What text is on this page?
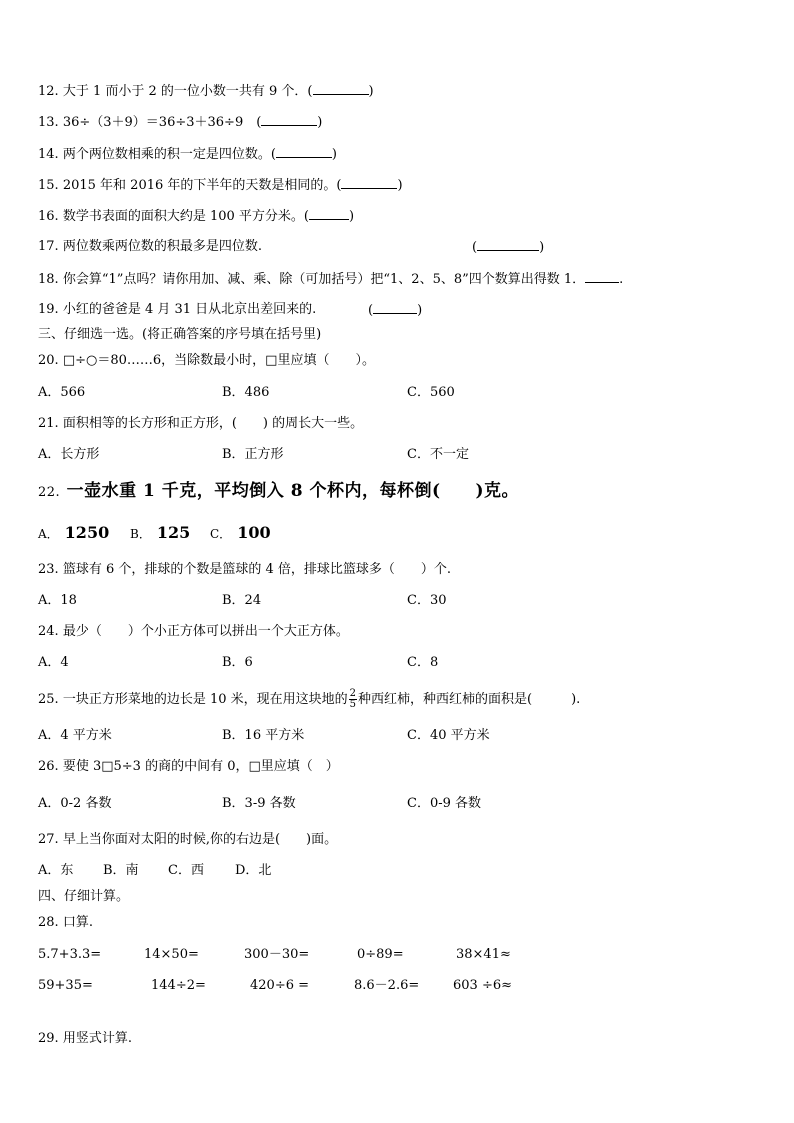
12. 大于 1 而小于 2 的一位小数一共有 9 个．(	)
13. 36÷（3＋9）＝36÷3＋36÷9　(	)
14. 两个两位数相乘的积一定是四位数。(	)
15. 2015 年和 2016 年的下半年的天数是相同的。(	)
16. 数学书表面的面积大约是 100 平方分米。(	)
17. 两位数乘两位数的积最多是四位数.	(	)
18. 你会算“1”点吗？请你用加、减、乘、除（可加括号）把“1、2、5、8”四个数算出得数 1．	.
19. 小红的爸爸是 4 月 31 日从北京出差回来的.	(	)
三、仔细选一选。(将正确答案的序号填在括号里)
20. □÷○＝80……6，当除数最小时，□里应填（　　）。
A．566	B．486	C．560
21. 面积相等的长方形和正方形，(　　) 的周长大一些。
A．长方形	B．正方形	C．不一定
22. 一壶水重 1 千克，平均倒入 8 个杯内，每杯倒(　　)克。
A． 1250 B． 125 C． 100
23. 篮球有 6 个，排球的个数是篮球的 4 倍，排球比篮球多（　　）个.
A．18	B．24	C．30
24. 最少（　　）个小正方体可以拼出一个大正方体。
A．4	B．6	C．8
25. 一块正方形菜地的边长是 10 米，现在用这块地的 $\frac{2}{5}$ 种西红柿，种西红柿的面积是(　　　).
A．4 平方米	B．16 平方米	C．40 平方米
26. 要使 3□5÷3 的商的中间有 0，□里应填（　）
A．0-2 各数	B．3-9 各数	C．0-9 各数
27. 早上当你面对太阳的时候,你的右边是(　　)面。
A．东 B．南 C．西 D．北
四、仔细计算。
28. 口算.
5.7+3.3=	14×50=	300－30=	0÷89=	38×41≈
59+35=	144÷2=	420÷6 =	8.6－2.6=	603 ÷6≈
29. 用竖式计算.
